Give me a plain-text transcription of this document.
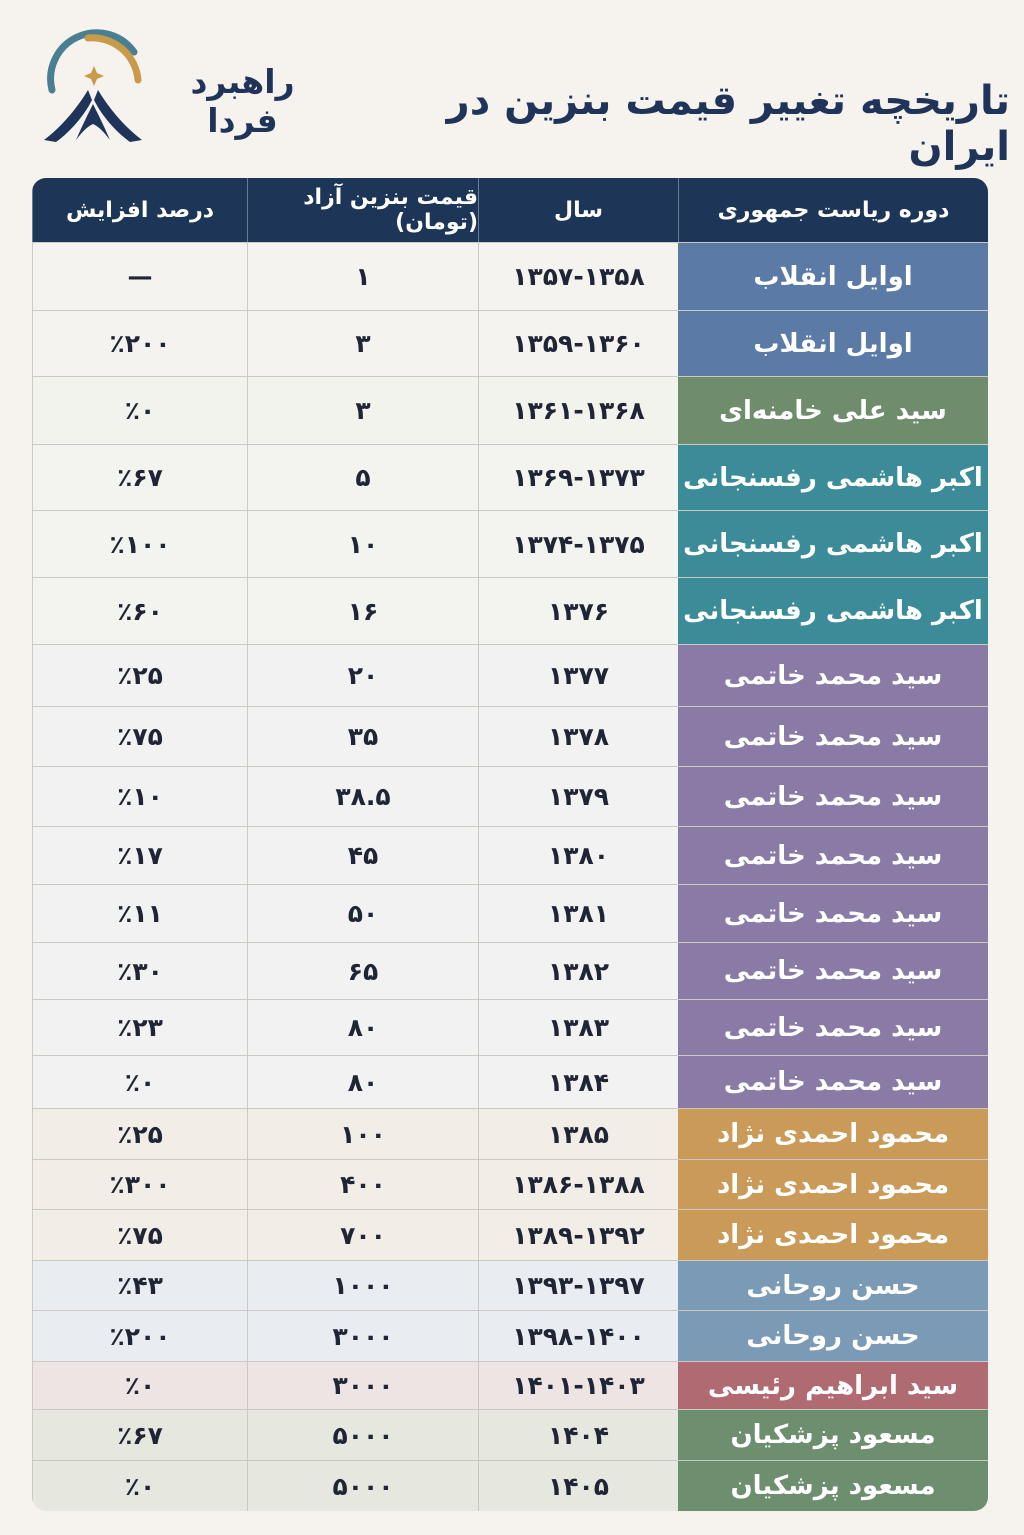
راهبرد فردا	تاریخچه تغییر قیمت بنزین در ایران
دوره ریاست جمهوری
سال
قیمت بنزین آزاد (تومان)
درصد افزایش
اوایل انقلاب
۱۳۵۷-۱۳۵۸
۱
—
اوایل انقلاب
۱۳۵۹-۱۳۶۰
۳
٪۲۰۰
سید علی خامنه‌ای
۱۳۶۱-۱۳۶۸
۳
٪۰
اکبر هاشمی رفسنجانی
۱۳۶۹-۱۳۷۳
۵
٪۶۷
اکبر هاشمی رفسنجانی
۱۳۷۴-۱۳۷۵
۱۰
٪۱۰۰
اکبر هاشمی رفسنجانی
۱۳۷۶
۱۶
٪۶۰
سید محمد خاتمی
۱۳۷۷
۲۰
٪۲۵
سید محمد خاتمی
۱۳۷۸
۳۵
٪۷۵
سید محمد خاتمی
۱۳۷۹
۳۸.۵
٪۱۰
سید محمد خاتمی
۱۳۸۰
۴۵
٪۱۷
سید محمد خاتمی
۱۳۸۱
۵۰
٪۱۱
سید محمد خاتمی
۱۳۸۲
۶۵
٪۳۰
سید محمد خاتمی
۱۳۸۳
۸۰
٪۲۳
سید محمد خاتمی
۱۳۸۴
۸۰
٪۰
محمود احمدی نژاد
۱۳۸۵
۱۰۰
٪۲۵
محمود احمدی نژاد
۱۳۸۶-۱۳۸۸
۴۰۰
٪۳۰۰
محمود احمدی نژاد
۱۳۸۹-۱۳۹۲
۷۰۰
٪۷۵
حسن روحانی
۱۳۹۳-۱۳۹۷
۱۰۰۰
٪۴۳
حسن روحانی
۱۳۹۸-۱۴۰۰
۳۰۰۰
٪۲۰۰
سید ابراهیم رئیسی
۱۴۰۱-۱۴۰۳
۳۰۰۰
٪۰
مسعود پزشکیان
۱۴۰۴
۵۰۰۰
٪۶۷
مسعود پزشکیان
۱۴۰۵
۵۰۰۰
٪۰
